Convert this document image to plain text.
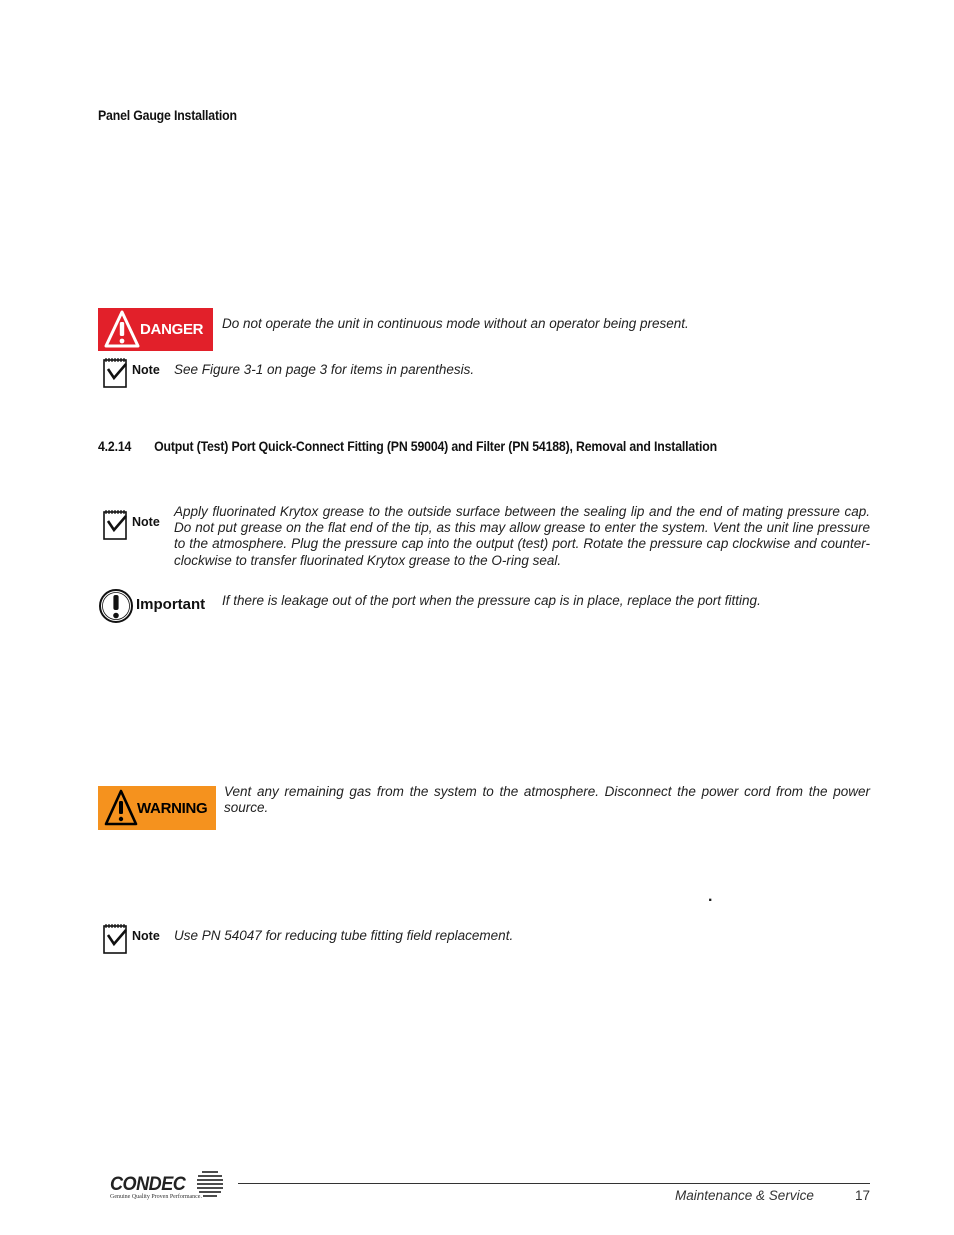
Panel Gauge Installation
DANGER Do not operate the unit in continuous mode without an operator being present.
Note See Figure 3-1 on page 3 for items in parenthesis.
4.2.14 Output (Test) Port Quick-Connect Fitting (PN 59004) and Filter (PN 54188), Removal and Installation
Note
Apply fluorinated Krytox grease to the outside surface between the sealing lip and the end of mating pressure cap. Do not put grease on the flat end of the tip, as this may allow grease to enter the system. Vent the unit line pressure to the atmosphere. Plug the pressure cap into the output (test) port. Rotate the pressure cap clockwise and counter-clockwise to transfer fluorinated Krytox grease to the O-ring seal.
Important If there is leakage out of the port when the pressure cap is in place, replace the port fitting.
WARNING
Vent any remaining gas from the system to the atmosphere. Disconnect the power cord from the power source.
.
Note Use PN 54047 for reducing tube fitting field replacement.
CONDEC
Genuine Quality Proven Performance.	Maintenance & Service	17
